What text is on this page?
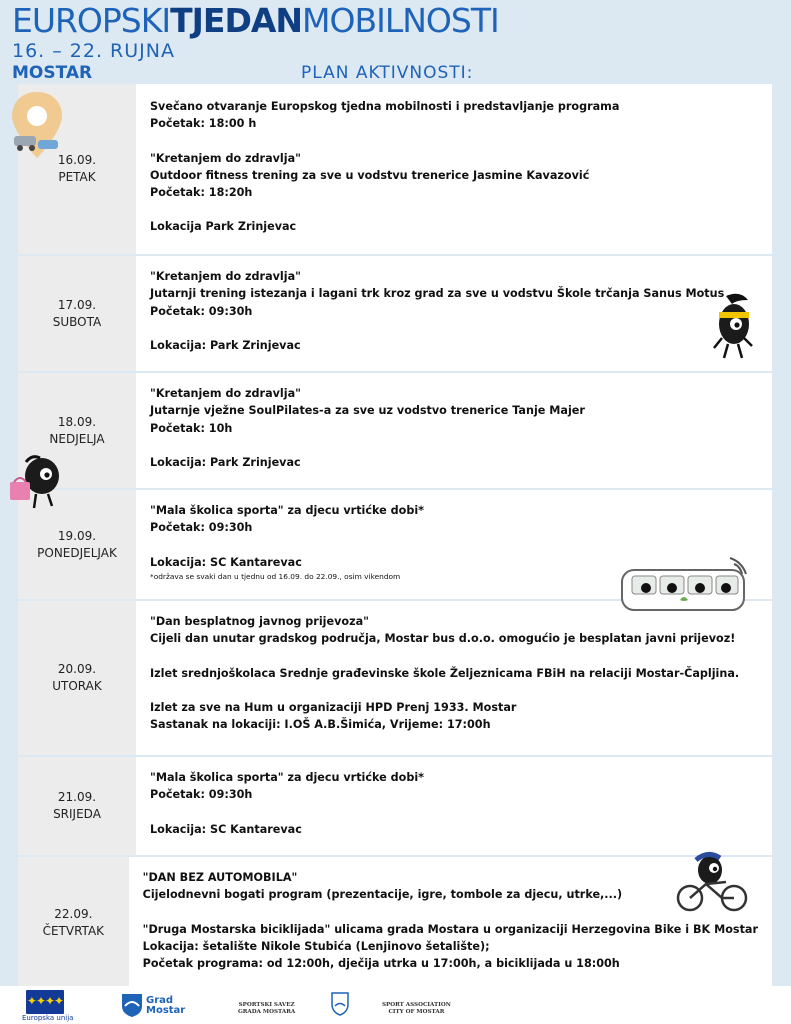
EUROPSKITJEDANMOBILNOSTI
16. – 22. RUJNA
MOSTAR	PLAN AKTIVNOSTI:
16.09.
PETAK
Svečano otvaranje Europskog tjedna mobilnosti i predstavljanje programa
Početak: 18:00 h
"Kretanjem do zdravlja"
Outdoor fitness trening za sve u vodstvu trenerice Jasmine Kavazović
Početak: 18:20h
Lokacija Park Zrinjevac
17.09.
SUBOTA
"Kretanjem do zdravlja"
Jutarnji trening istezanja i lagani trk kroz grad za sve u vodstvu Škole trčanja Sanus Motus
Početak: 09:30h
Lokacija: Park Zrinjevac
18.09.
NEDJELJA
"Kretanjem do zdravlja"
Jutarnje vježne SoulPilates-a za sve uz vodstvo trenerice Tanje Majer
Početak: 10h
Lokacija: Park Zrinjevac
19.09.
PONEDJELJAK
"Mala školica sporta" za djecu vrtićke dobi*
Početak: 09:30h
Lokacija: SC Kantarevac
*održava se svaki dan u tjednu od 16.09. do 22.09., osim vikendom
20.09.
UTORAK
"Dan besplatnog javnog prijevoza"
Cijeli dan unutar gradskog područja, Mostar bus d.o.o. omogućio je besplatan javni prijevoz!
Izlet srednjoškolaca Srednje građevinske škole Željeznicama FBiH na relaciji Mostar-Čapljina.
Izlet za sve na Hum u organizaciji HPD Prenj 1933. Mostar
Sastanak na lokaciji: I.OŠ A.B.Šimića, Vrijeme: 17:00h
21.09.
SRIJEDA
"Mala školica sporta" za djecu vrtićke dobi*
Početak: 09:30h
Lokacija: SC Kantarevac
22.09.
ČETVRTAK
"DAN BEZ AUTOMOBILA"
Cijelodnevni bogati program (prezentacije, igre, tombole za djecu, utrke,...)
"Druga Mostarska biciklijada" ulicama grada Mostara u organizaciji Herzegovina Bike i BK Mostar
Lokacija: šetalište Nikole Stubića (Lenjinovo šetalište);
Početak programa: od 12:00h, dječija utrka u 17:00h, a biciklijada u 18:00h
✦✦✦✦
Europska unija
Grad
Mostar	SPORTSKI SAVEZ
GRADA MOSTARA
SPORT ASSOCIATION
CITY OF MOSTAR
